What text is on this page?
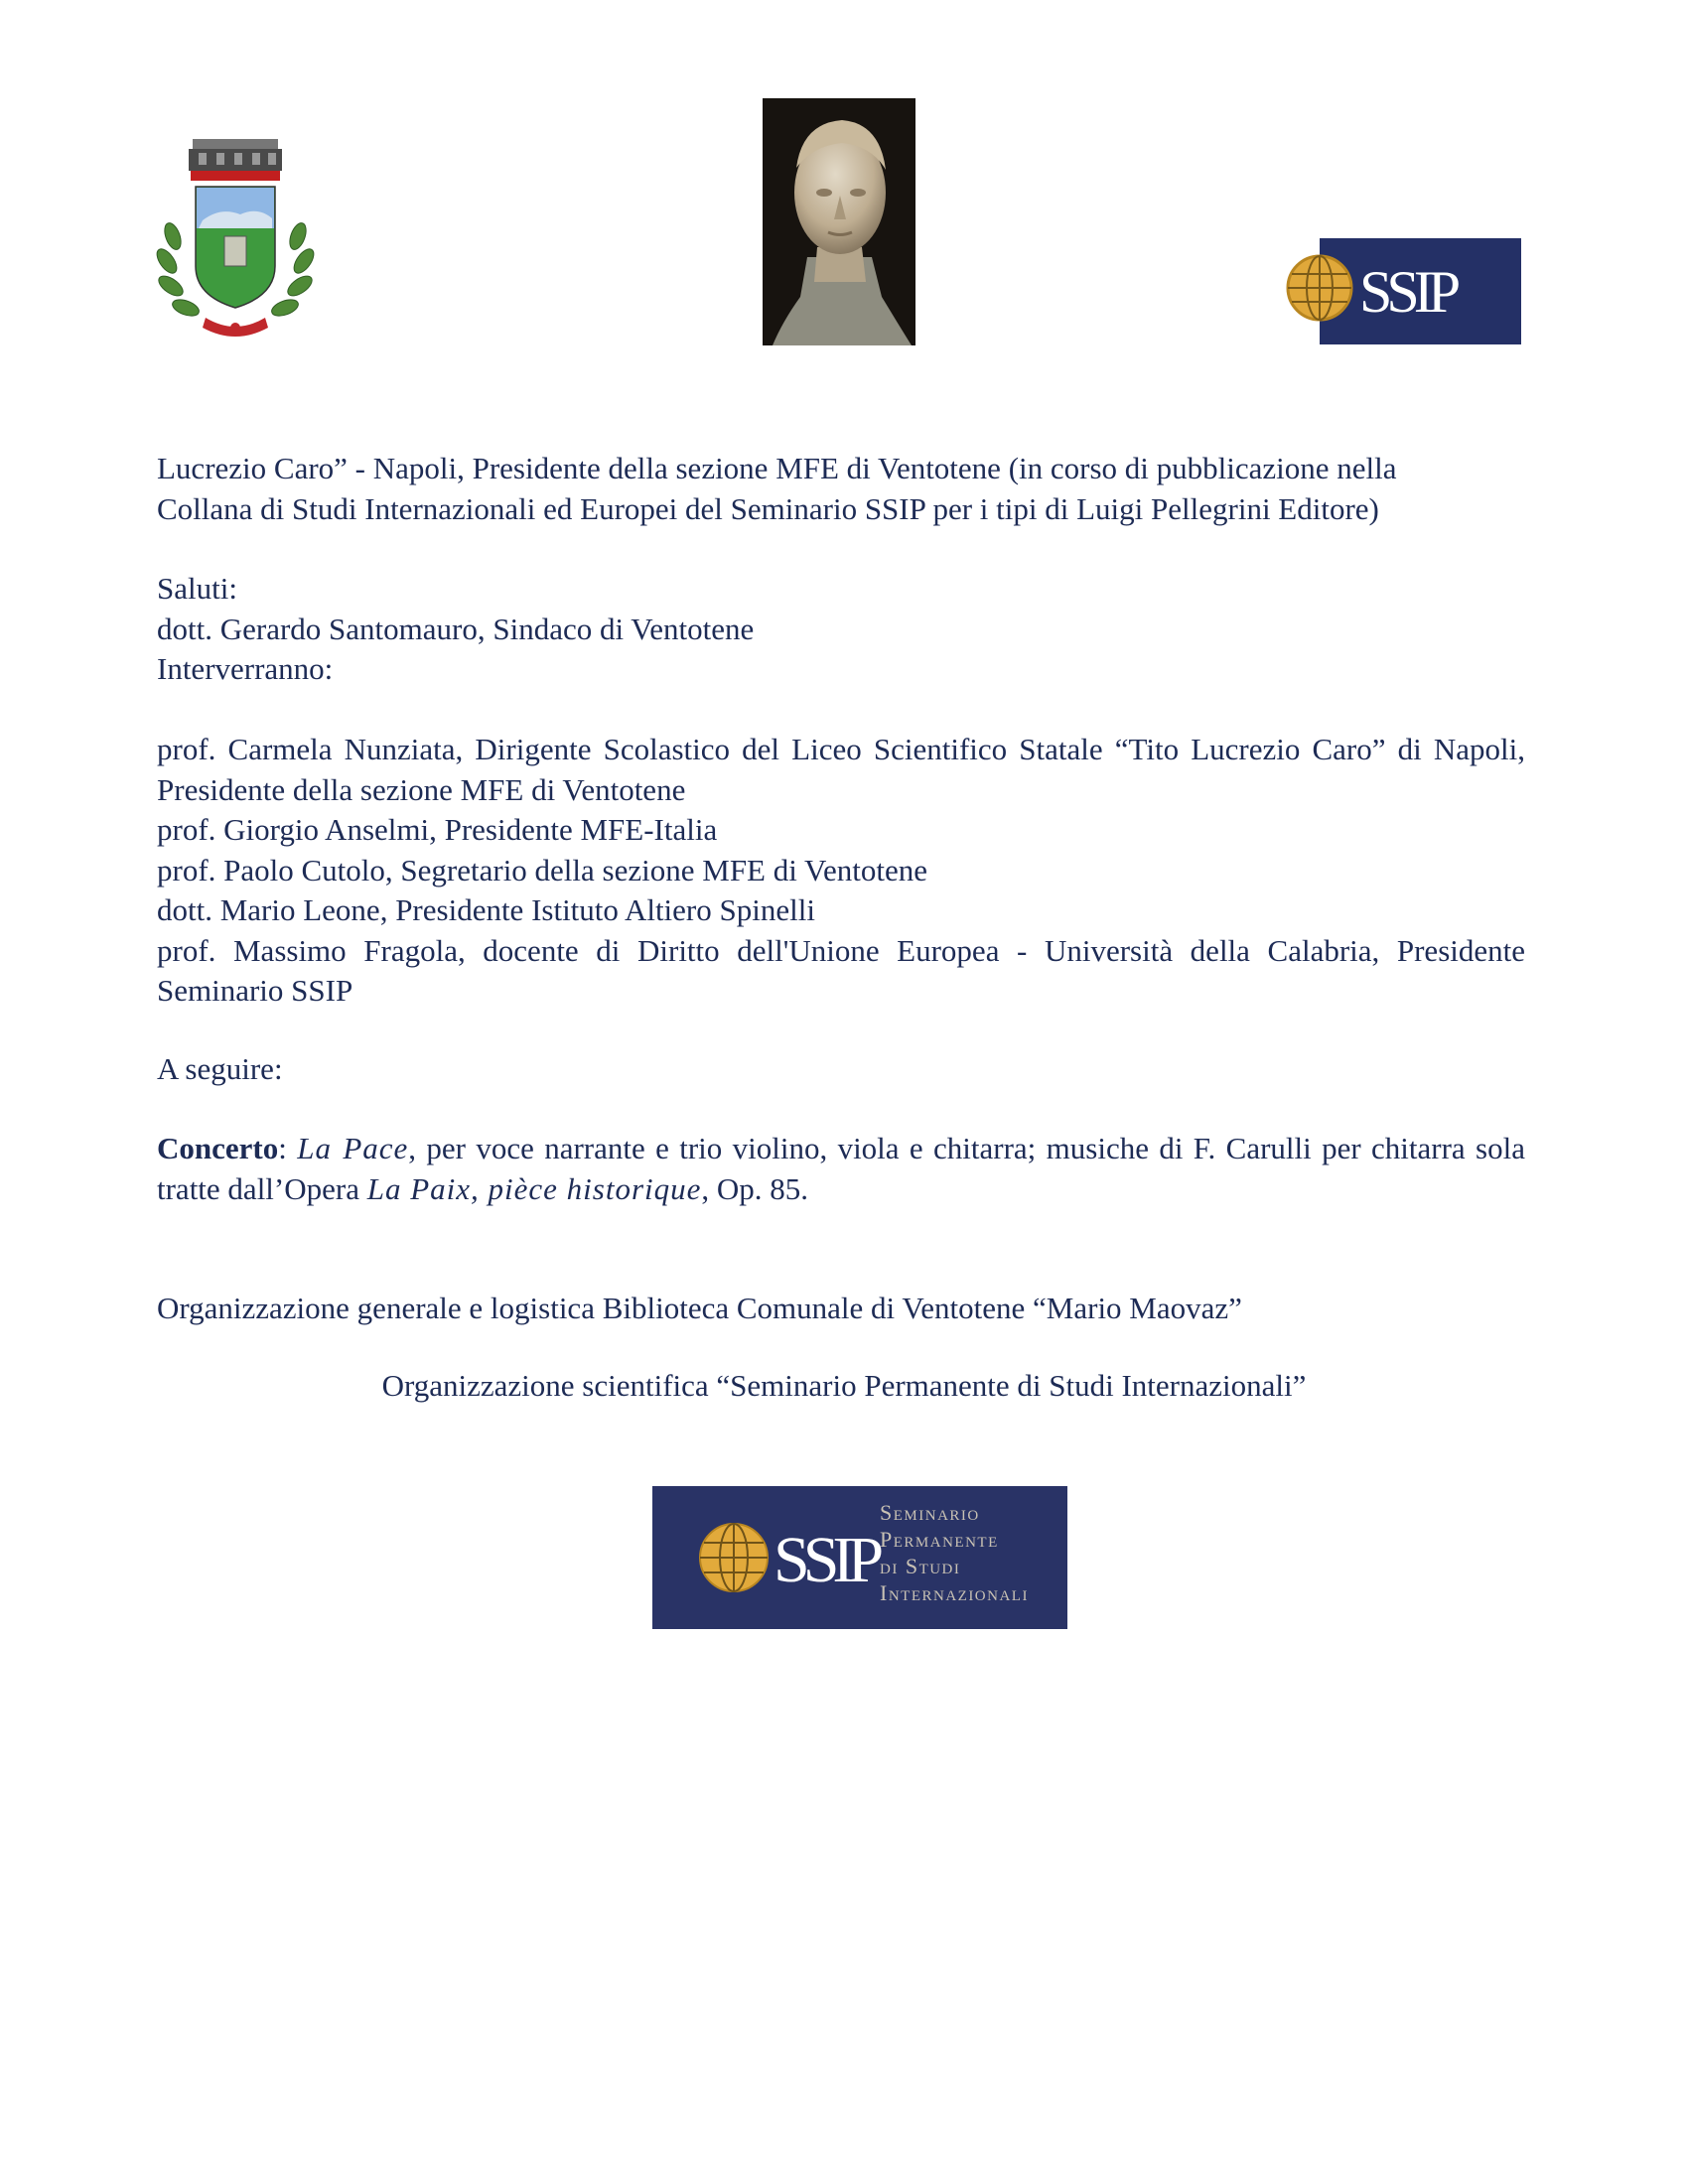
SSIP
Lucrezio Caro” - Napoli, Presidente della sezione MFE di Ventotene (in corso di pubblicazione nella
Collana di Studi Internazionali ed Europei del Seminario SSIP per i tipi di Luigi Pellegrini Editore)
Saluti:
dott. Gerardo Santomauro, Sindaco di Ventotene
Interverranno:

prof. Carmela Nunziata, Dirigente Scolastico del Liceo Scientifico Statale “Tito Lucrezio Caro” di Napoli, Presidente della sezione MFE di Ventotene

prof. Giorgio Anselmi, Presidente MFE-Italia

prof. Paolo Cutolo, Segretario della sezione MFE di Ventotene

dott. Mario Leone, Presidente Istituto Altiero Spinelli

prof. Massimo Fragola, docente di Diritto dell'Unione Europea - Università della Calabria, Presidente Seminario SSIP

A seguire:
Concerto: La Pace, per voce narrante e trio violino, viola e chitarra; musiche di F. Carulli per chitarra sola tratte dall’Opera La Paix, pièce historique, Op. 85.
Organizzazione generale e logistica Biblioteca Comunale di Ventotene “Mario Maovaz”
Organizzazione scientifica “Seminario Permanente di Studi Internazionali”
SSIP
Seminario
Permanente
di Studi
Internazionali
